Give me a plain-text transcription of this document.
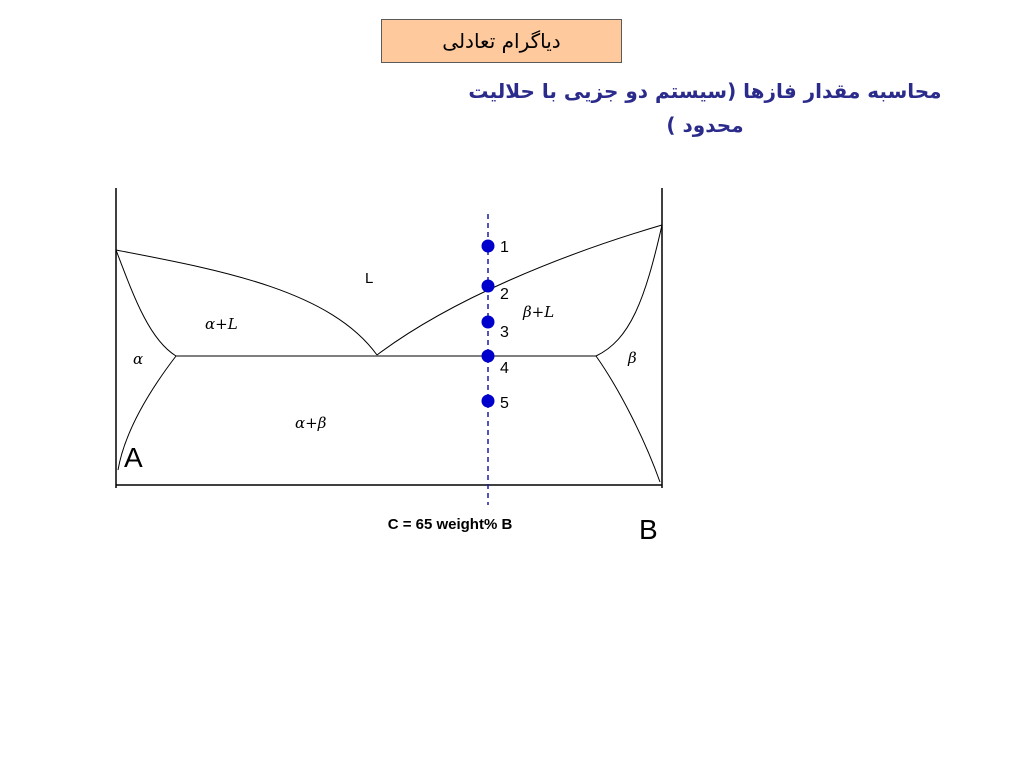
دیاگرام تعادلی
محاسبه مقدار فازها (سیستم دو جزیی با حلالیت
محدود )
1
2
3
4
5
L
α+L
β+L
α	β
α+β
A
B
C = 65 weight% B
